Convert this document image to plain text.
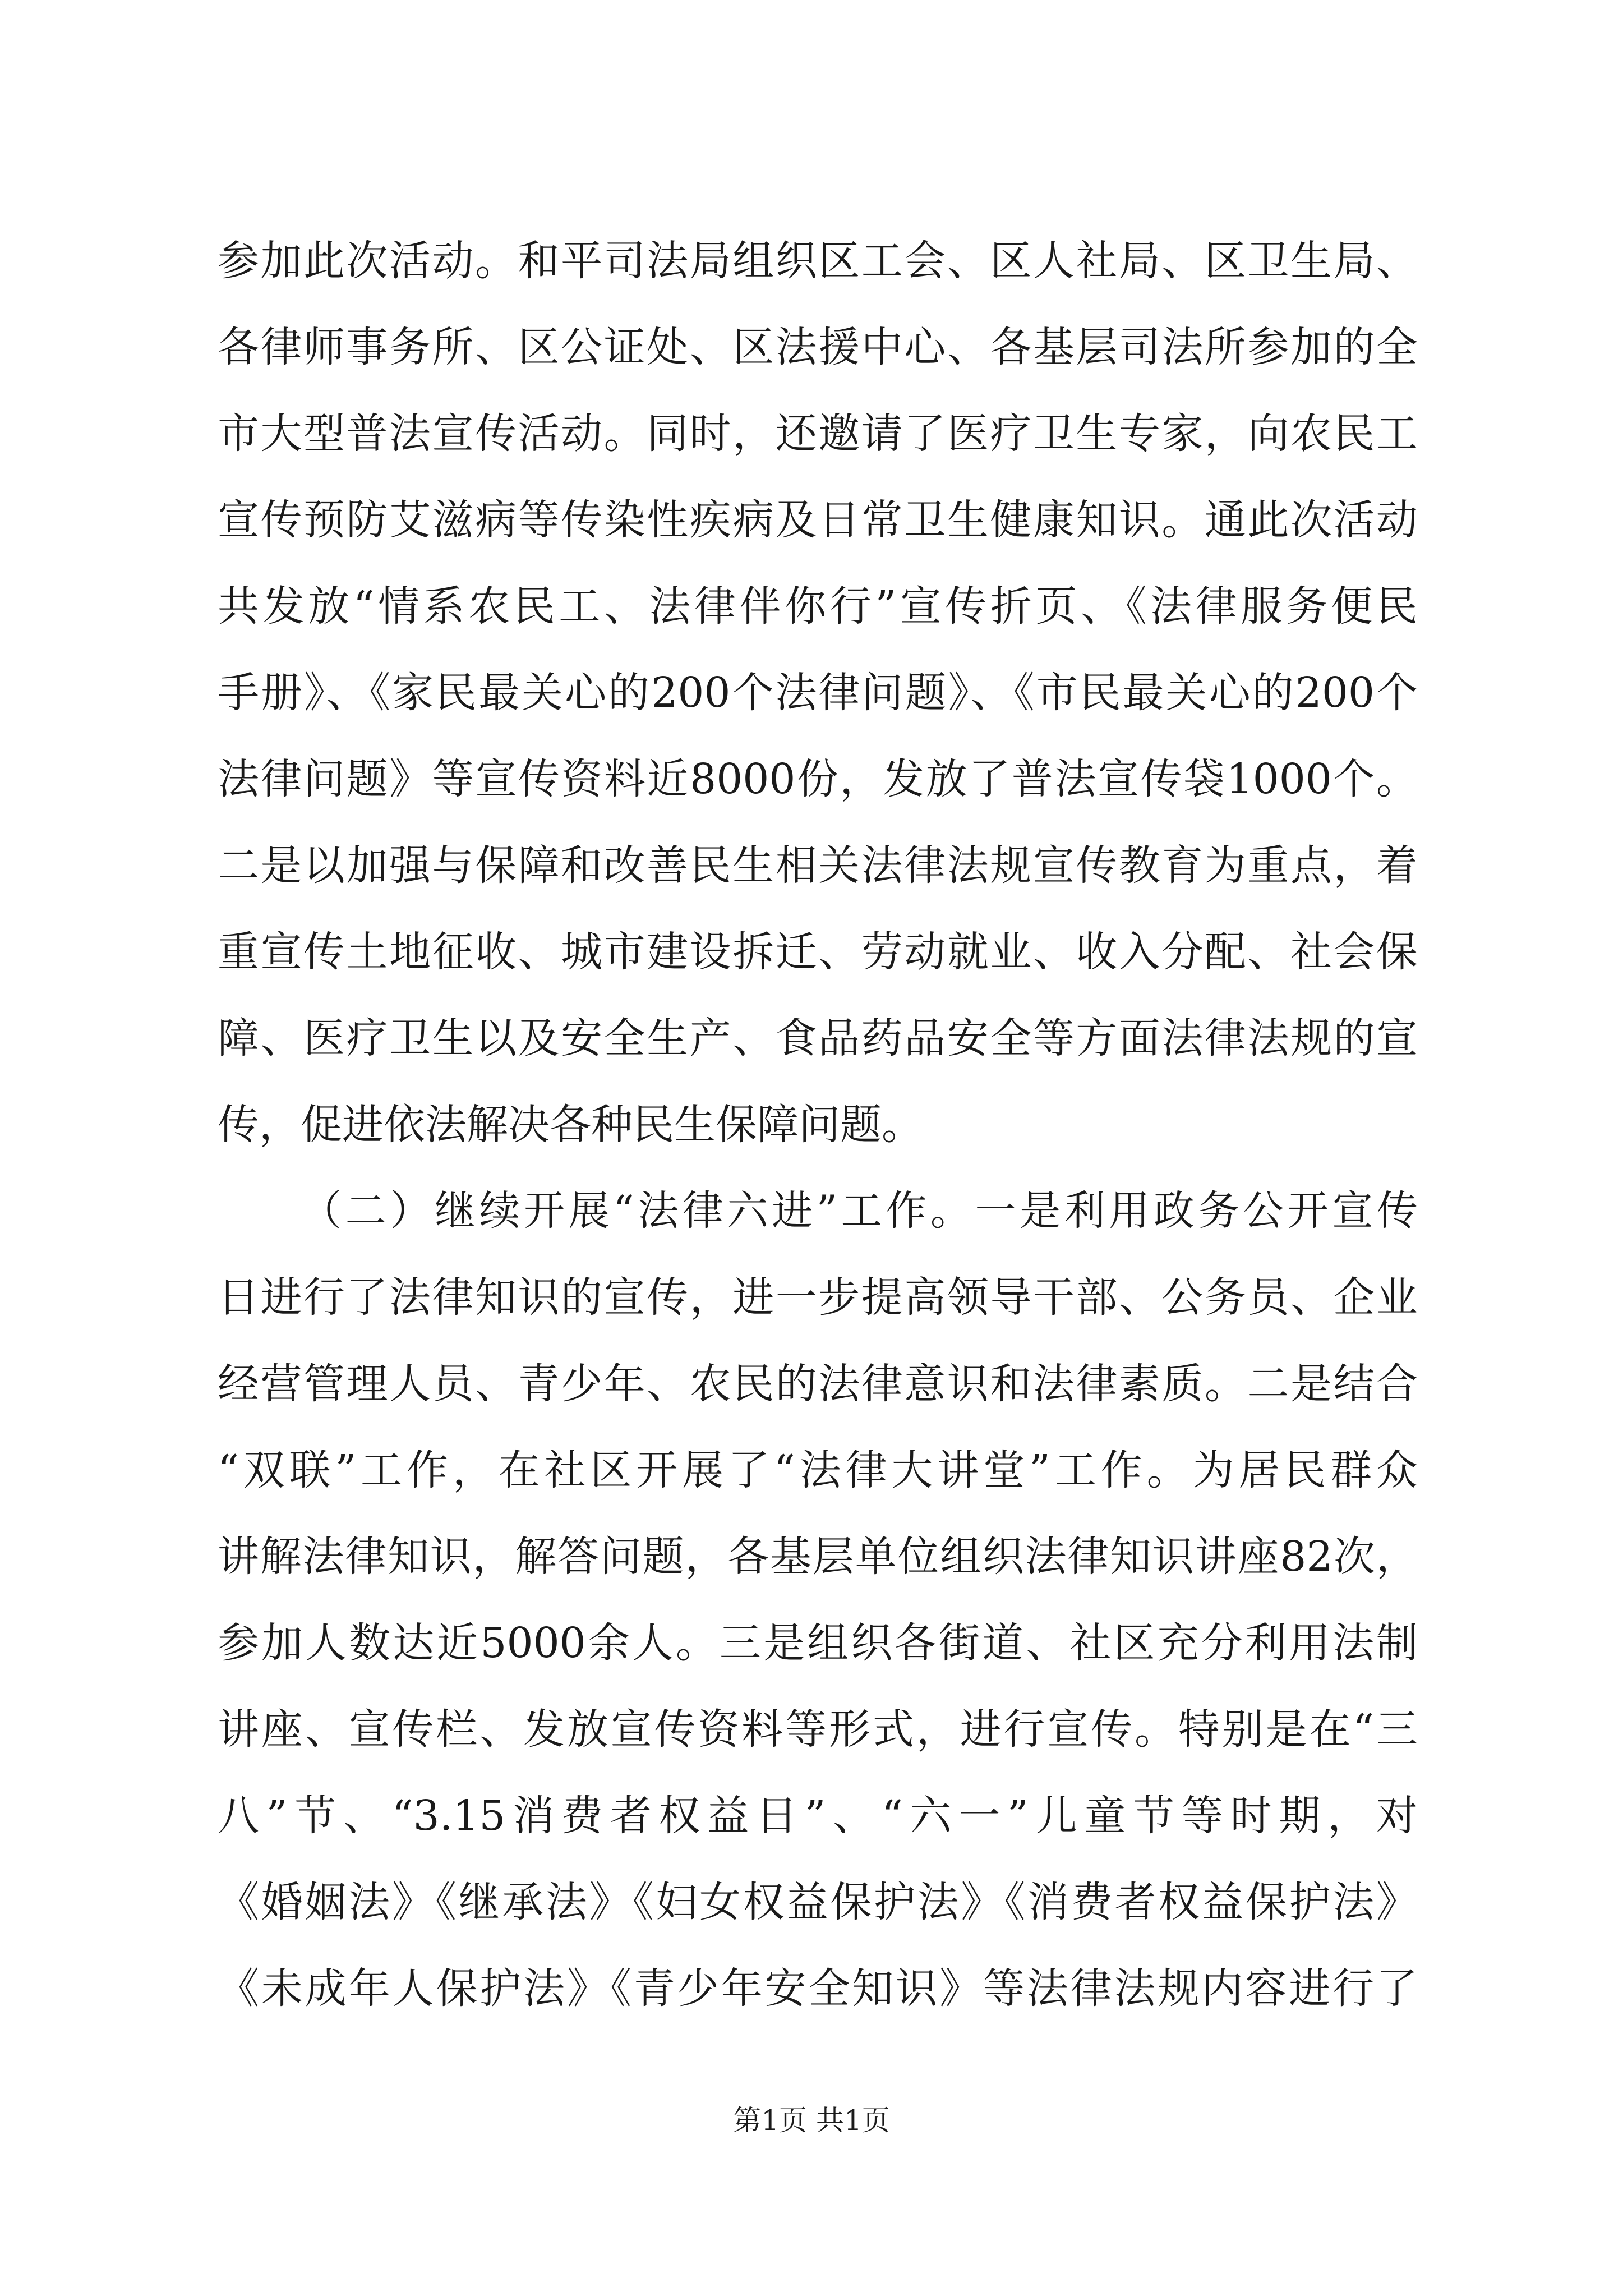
参加此次活动。和平司法局组织区工会、区人社局、区卫生局、
各律师事务所、区公证处、区法援中心、各基层司法所参加的全
市大型普法宣传活动。同时，还邀请了医疗卫生专家，向农民工
宣传预防艾滋病等传染性疾病及日常卫生健康知识。通此次活动
共发放“情系农民工、法律伴你行”宣传折页、《法律服务便民
手册》、《家民最关心的200个法律问题》、《市民最关心的200个
法律问题》等宣传资料近8000份，发放了普法宣传袋1000个。
二是以加强与保障和改善民生相关法律法规宣传教育为重点，着
重宣传土地征收、城市建设拆迁、劳动就业、收入分配、社会保
障、医疗卫生以及安全生产、食品药品安全等方面法律法规的宣
传，促进依法解决各种民生保障问题。
（二）继续开展“法律六进”工作。一是利用政务公开宣传
日进行了法律知识的宣传，进一步提高领导干部、公务员、企业
经营管理人员、青少年、农民的法律意识和法律素质。二是结合
“双联”工作，在社区开展了“法律大讲堂”工作。为居民群众
讲解法律知识，解答问题，各基层单位组织法律知识讲座82次，
参加人数达近5000余人。三是组织各街道、社区充分利用法制
讲座、宣传栏、发放宣传资料等形式，进行宣传。特别是在“三
八”节、“3.15消费者权益日”、“六一”儿童节等时期，对
《婚姻法》《继承法》《妇女权益保护法》《消费者权益保护法》
《未成年人保护法》《青少年安全知识》等法律法规内容进行了
第1页 共1页
